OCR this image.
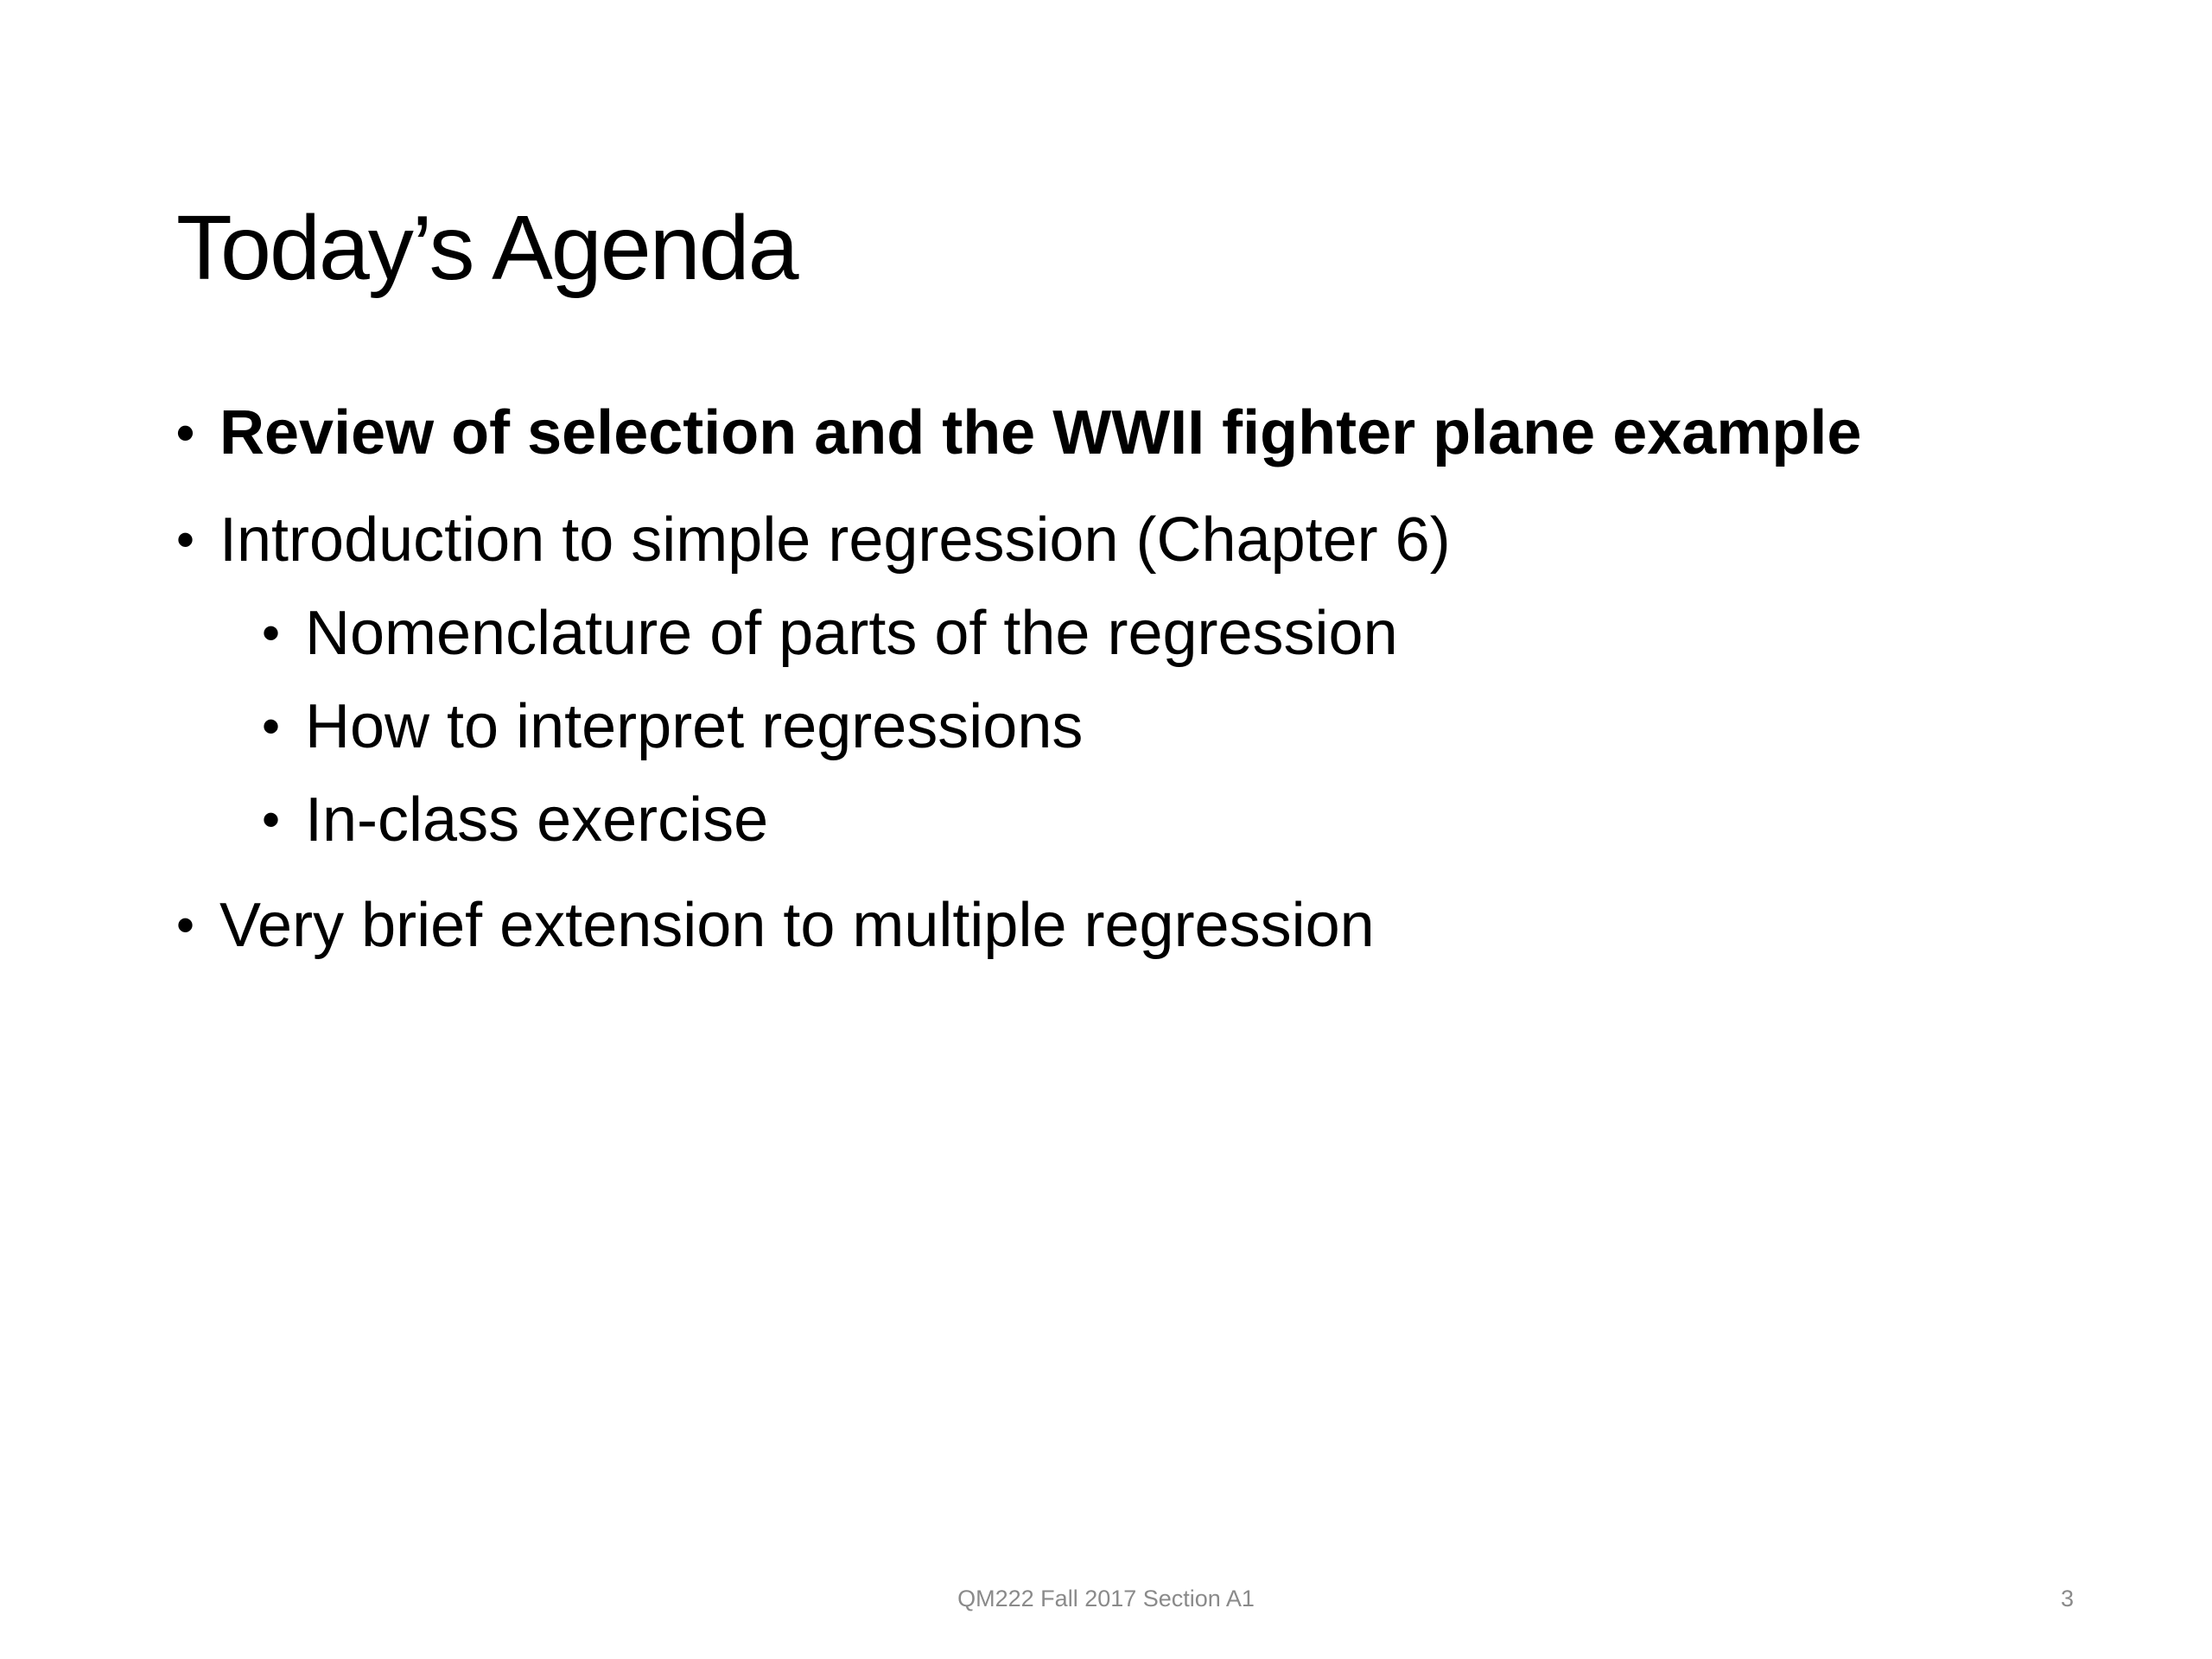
Today’s Agenda
• Review of selection and the WWII fighter plane example
• Introduction to simple regression (Chapter 6)
• Nomenclature of parts of the regression
• How to interpret regressions
• In-class exercise
• Very brief extension to multiple regression
QM222 Fall 2017 Section A1	3
